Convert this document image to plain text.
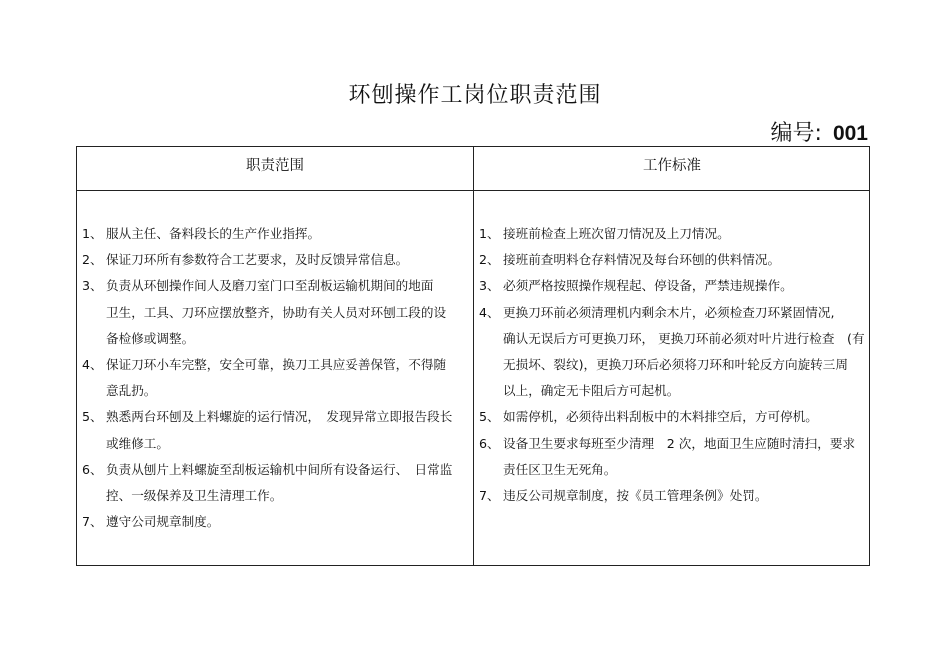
环刨操作工岗位职责范围
编号: 001
职责范围	工作标准
1、 服从主任、备料段长的生产作业指挥。
2、 保证刀环所有参数符合工艺要求，及时反馈异常信息。
3、 负责从环刨操作间人及磨刀室门口至刮板运输机期间的地面
卫生，工具、刀环应摆放整齐，协助有关人员对环刨工段的设
备检修或调整。
4、 保证刀环小车完整，安全可靠，换刀工具应妥善保管，不得随
意乱扔。
5、 熟悉两台环刨及上料螺旋的运行情况，　发现异常立即报告段长
或维修工。
6、 负责从刨片上料螺旋至刮板运输机中间所有设备运行、　日常监
控、一级保养及卫生清理工作。
7、 遵守公司规章制度。
1、 接班前检查上班次留刀情况及上刀情况。
2、 接班前查明料仓存料情况及每台环刨的供料情况。
3、 必须严格按照操作规程起、停设备，严禁违规操作。
4、 更换刀环前必须清理机内剩余木片，必须检查刀环紧固情况,
确认无误后方可更换刀环， 更换刀环前必须对叶片进行检查　(有
无损坏、裂纹)，更换刀环后必须将刀环和叶轮反方向旋转三周
以上，确定无卡阻后方可起机。
5、 如需停机，必须待出料刮板中的木料排空后，方可停机。
6、 设备卫生要求每班至少清理　2 次，地面卫生应随时清扫，要求
责任区卫生无死角。
7、 违反公司规章制度，按《员工管理条例》处罚。
